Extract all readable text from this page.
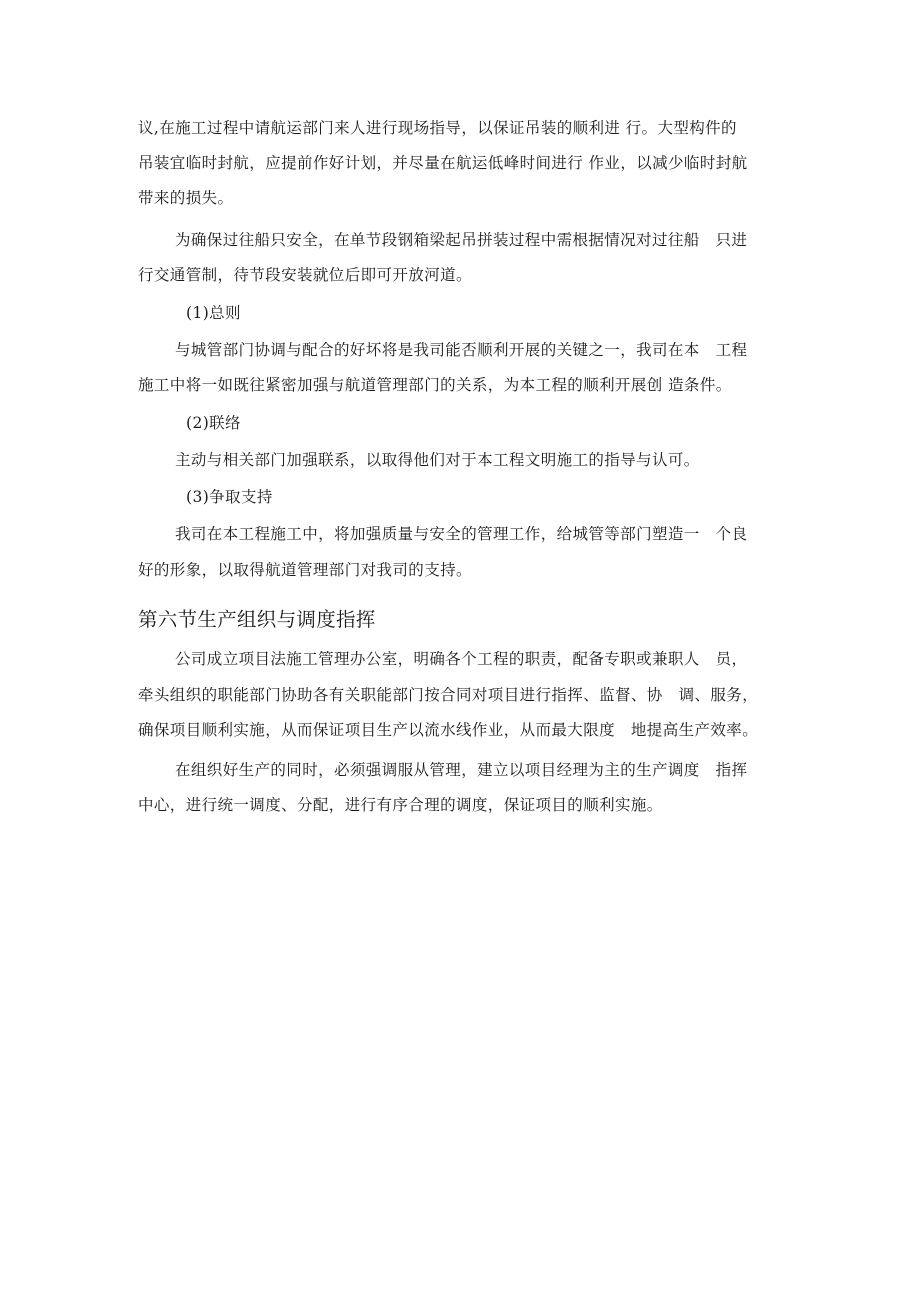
议,在施工过程中请航运部门来人进行现场指导，以保证吊装的顺利进 行。大型构件的
吊装宜临时封航，应提前作好计划，并尽量在航运低峰时间进行 作业，以减少临时封航
带来的损失。
为确保过往船只安全，在单节段钢箱梁起吊拼装过程中需根据情况对过往船　只进
行交通管制，待节段安装就位后即可开放河道。
(1)总则
与城管部门协调与配合的好坏将是我司能否顺利开展的关键之一，我司在本　工程
施工中将一如既往紧密加强与航道管理部门的关系，为本工程的顺利开展创 造条件。
(2)联络
主动与相关部门加强联系，以取得他们对于本工程文明施工的指导与认可。
(3)争取支持
我司在本工程施工中，将加强质量与安全的管理工作，给城管等部门塑造一　个良
好的形象，以取得航道管理部门对我司的支持。
第六节生产组织与调度指挥
公司成立项目法施工管理办公室，明确各个工程的职责，配备专职或兼职人　员，
牵头组织的职能部门协助各有关职能部门按合同对项目进行指挥、监督、协　调、服务，
确保项目顺利实施，从而保证项目生产以流水线作业，从而最大限度　地提高生产效率。
在组织好生产的同时，必须强调服从管理，建立以项目经理为主的生产调度　指挥
中心，进行统一调度、分配，进行有序合理的调度，保证项目的顺利实施。
